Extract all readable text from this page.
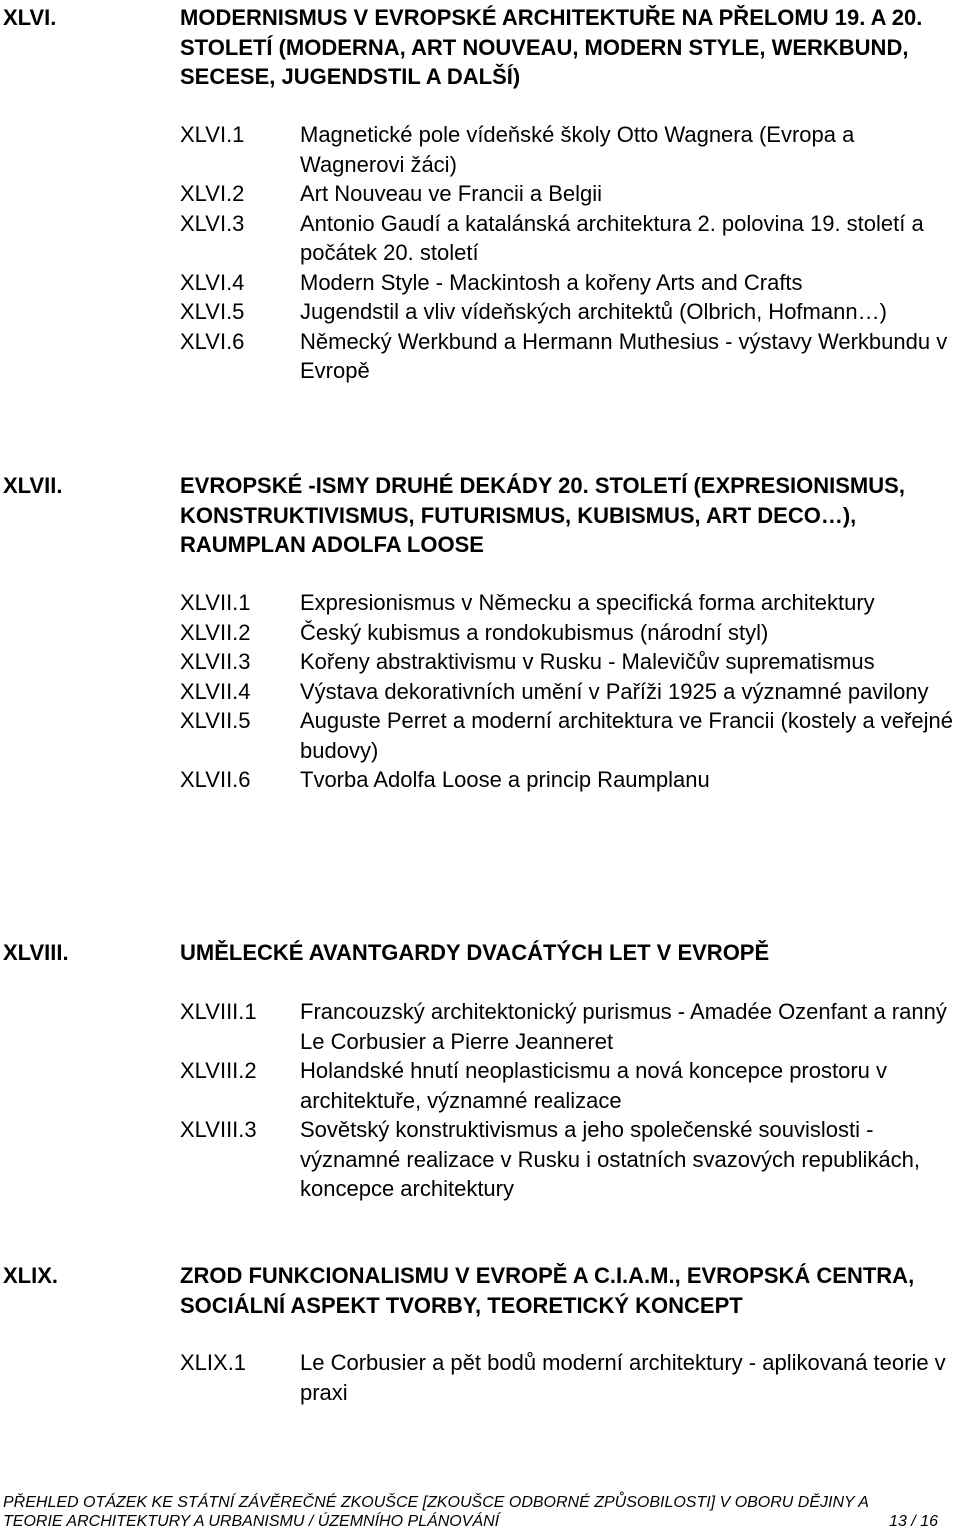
XLVI.	MODERNISMUS V EVROPSKÉ ARCHITEKTUŘE NA PŘELOMU 19. A 20. STOLETÍ (MODERNA, ART NOUVEAU, MODERN STYLE, WERKBUND, SECESE, JUGENDSTIL A DALŠÍ)
XLVI.1	Magnetické pole vídeňské školy Otto Wagnera (Evropa a Wagnerovi žáci)
XLVI.2	Art Nouveau ve Francii a Belgii
XLVI.3	Antonio Gaudí a katalánská architektura 2. polovina 19. století a počátek 20. století
XLVI.4	Modern Style - Mackintosh a kořeny Arts and Crafts
XLVI.5	Jugendstil a vliv vídeňských architektů (Olbrich, Hofmann…)
XLVI.6	Německý Werkbund a Hermann Muthesius - výstavy Werkbundu v Evropě
XLVII.	EVROPSKÉ -ISMY DRUHÉ DEKÁDY 20. STOLETÍ (EXPRESIONISMUS, KONSTRUKTIVISMUS, FUTURISMUS, KUBISMUS, ART DECO…), RAUMPLAN ADOLFA LOOSE
XLVII.1	Expresionismus v Německu a specifická forma architektury
XLVII.2	Český kubismus a rondokubismus (národní styl)
XLVII.3	Kořeny abstraktivismu v Rusku - Malevičův suprematismus
XLVII.4	Výstava dekorativních umění v Paříži 1925 a významné pavilony
XLVII.5	Auguste Perret a moderní architektura ve Francii (kostely a veřejné budovy)
XLVII.6	Tvorba Adolfa Loose a princip Raumplanu
XLVIII.	UMĚLECKÉ AVANTGARDY DVACÁTÝCH LET V EVROPĚ
XLVIII.1	Francouzský architektonický purismus - Amadée Ozenfant a ranný Le Corbusier a Pierre Jeanneret
XLVIII.2	Holandské hnutí neoplasticismu a nová koncepce prostoru v architektuře, významné realizace
XLVIII.3	Sovětský konstruktivismus a jeho společenské souvislosti - významné realizace v Rusku i ostatních svazových republikách, koncepce architektury
XLIX.	ZROD FUNKCIONALISMU V EVROPĚ A C.I.A.M., EVROPSKÁ CENTRA, SOCIÁLNÍ ASPEKT TVORBY, TEORETICKÝ KONCEPT
XLIX.1	Le Corbusier a pět bodů moderní architektury - aplikovaná teorie v praxi
PŘEHLED OTÁZEK KE STÁTNÍ ZÁVĚREČNÉ ZKOUŠCE [ZKOUŠCE ODBORNÉ ZPŮSOBILOSTI] V OBORU DĚJINY A
TEORIE ARCHITEKTURY A URBANISMU / ÚZEMNÍHO PLÁNOVÁNÍ	13 / 16
